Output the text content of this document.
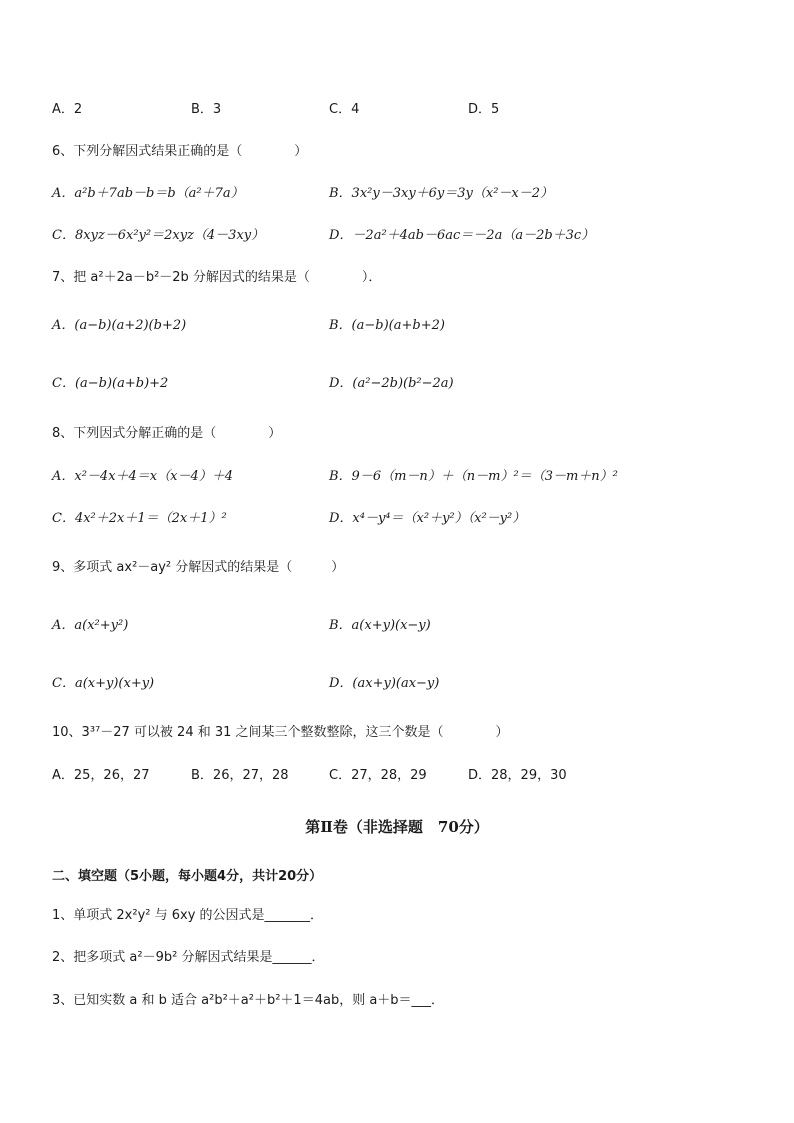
A．2	B．3	C．4	D．5
6、下列分解因式结果正确的是（　　　　）
A．a²b＋7ab－b＝b（a²＋7a）	B．3x²y－3xy＋6y＝3y（x²－x－2）
C．8xyz－6x²y²＝2xyz（4－3xy）	D．－2a²＋4ab－6ac＝－2a（a－2b＋3c）
7、把 a²＋2a－b²－2b 分解因式的结果是（　　　　）．
A．(a−b)(a+2)(b+2)	B．(a−b)(a+b+2)
C．(a−b)(a+b)+2	D．(a²−2b)(b²−2a)
8、下列因式分解正确的是（　　　　）
A．x²－4x＋4＝x（x－4）＋4	B．9－6（m－n）＋（n－m）²＝（3－m＋n）²
C．4x²＋2x＋1＝（2x＋1）²	D．x⁴－y⁴＝（x²＋y²）（x²－y²）
9、多项式 ax²－ay² 分解因式的结果是（　　　）
A．a(x²+y²)	B．a(x+y)(x−y)
C．a(x+y)(x+y)	D．(ax+y)(ax−y)
10、3³⁷－27 可以被 24 和 31 之间某三个整数整除，这三个数是（　　　　）
A．25，26，27	B．26，27，28	C．27，28，29	D．28，29，30
第Ⅱ卷（非选择题　70分）
二、填空题（5小题，每小题4分，共计20分）
1、单项式 2x²y² 与 6xy 的公因式是_______．
2、把多项式 a²－9b² 分解因式结果是______．
3、已知实数 a 和 b 适合 a²b²＋a²＋b²＋1＝4ab，则 a＋b＝___．
